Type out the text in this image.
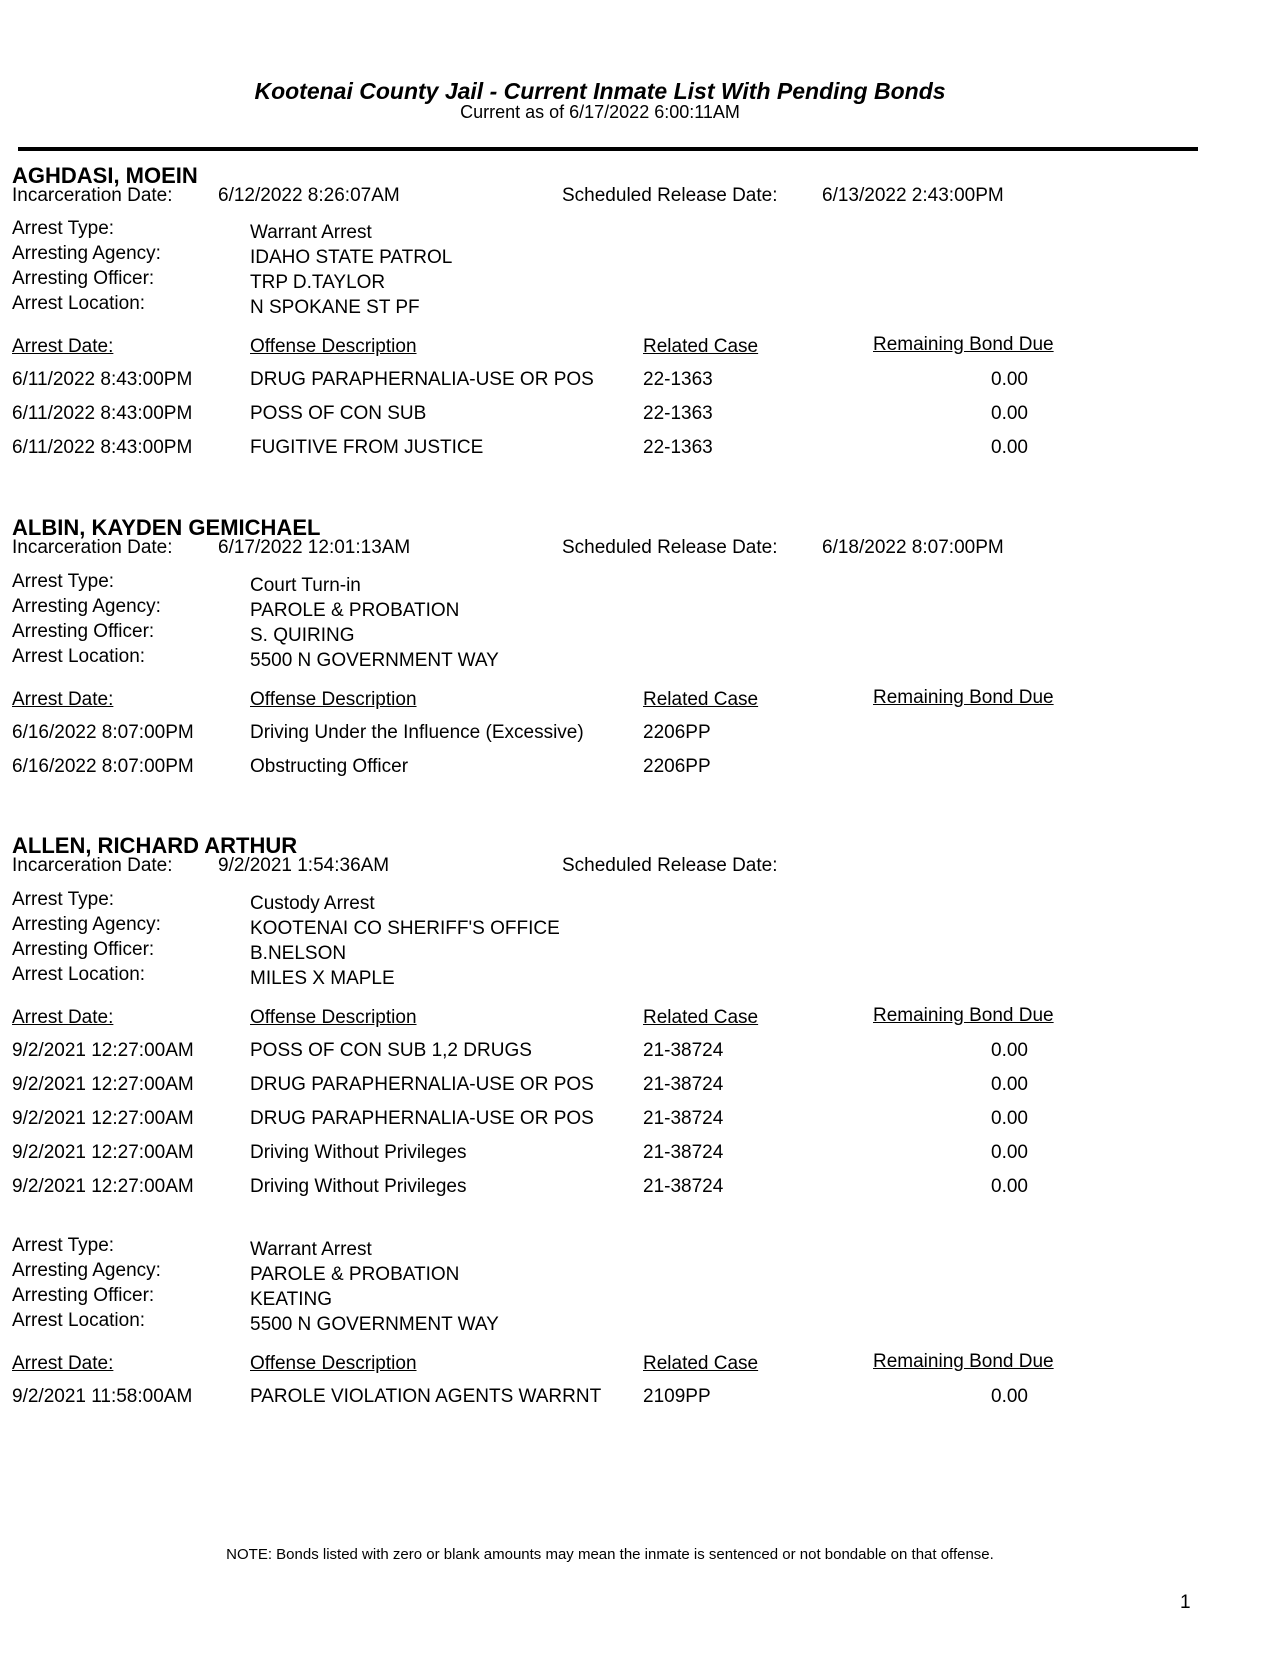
Kootenai County Jail - Current Inmate List With Pending Bonds
Current as of 6/17/2022 6:00:11AM
AGHDASI, MOEIN
Incarceration Date: 6/12/2022 8:26:07AM	Scheduled Release Date: 6/13/2022 2:43:00PM
Arrest Type:	Warrant Arrest
Arresting Agency:	IDAHO STATE PATROL
Arresting Officer:	TRP D.TAYLOR
Arrest Location:	N SPOKANE ST PF
Arrest Date:	Offense Description	Related Case	Remaining Bond Due
6/11/2022 8:43:00PM	DRUG PARAPHERNALIA-USE OR POS	22-1363	0.00
6/11/2022 8:43:00PM	POSS OF CON SUB	22-1363	0.00
6/11/2022 8:43:00PM	FUGITIVE FROM JUSTICE	22-1363	0.00
ALBIN, KAYDEN GEMICHAEL
Incarceration Date: 6/17/2022 12:01:13AM	Scheduled Release Date: 6/18/2022 8:07:00PM
Arrest Type:	Court Turn-in
Arresting Agency:	PAROLE & PROBATION
Arresting Officer:	S. QUIRING
Arrest Location:	5500 N GOVERNMENT WAY
Arrest Date:	Offense Description	Related Case	Remaining Bond Due
6/16/2022 8:07:00PM	Driving Under the Influence (Excessive)	2206PP
6/16/2022 8:07:00PM	Obstructing Officer	2206PP
ALLEN, RICHARD ARTHUR
Incarceration Date: 9/2/2021 1:54:36AM	Scheduled Release Date:
Arrest Type:	Custody Arrest
Arresting Agency:	KOOTENAI CO SHERIFF'S OFFICE
Arresting Officer:	B.NELSON
Arrest Location:	MILES X MAPLE
Arrest Date:	Offense Description	Related Case	Remaining Bond Due
9/2/2021 12:27:00AM	POSS OF CON SUB 1,2 DRUGS	21-38724	0.00
9/2/2021 12:27:00AM	DRUG PARAPHERNALIA-USE OR POS	21-38724	0.00
9/2/2021 12:27:00AM	DRUG PARAPHERNALIA-USE OR POS	21-38724	0.00
9/2/2021 12:27:00AM	Driving Without Privileges	21-38724	0.00
9/2/2021 12:27:00AM	Driving Without Privileges	21-38724	0.00
Arrest Type:	Warrant Arrest
Arresting Agency:	PAROLE & PROBATION
Arresting Officer:	KEATING
Arrest Location:	5500 N GOVERNMENT WAY
Arrest Date:	Offense Description	Related Case	Remaining Bond Due
9/2/2021 11:58:00AM	PAROLE VIOLATION AGENTS WARRNT	2109PP	0.00
NOTE: Bonds listed with zero or blank amounts may mean the inmate is sentenced or not bondable on that offense.
1
